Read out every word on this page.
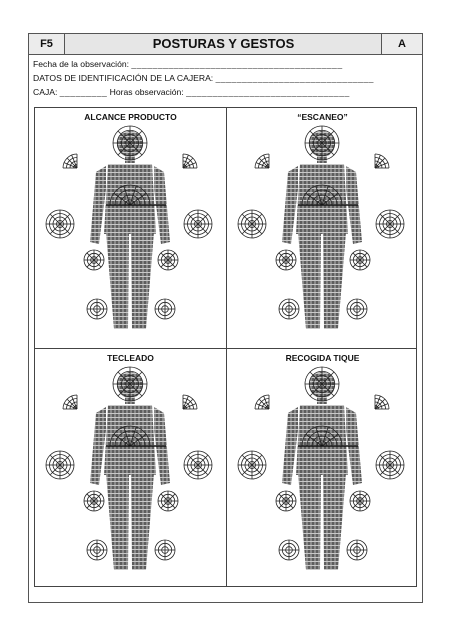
F5	POSTURAS Y GESTOS	A
Fecha de la observación: ________________________________________
DATOS DE IDENTIFICACIÓN DE LA CAJERA: ______________________________
CAJA: _________ Horas observación: _______________________________
ALCANCE PRODUCTO	“ESCANEO”
TECLEADO	RECOGIDA TIQUE
